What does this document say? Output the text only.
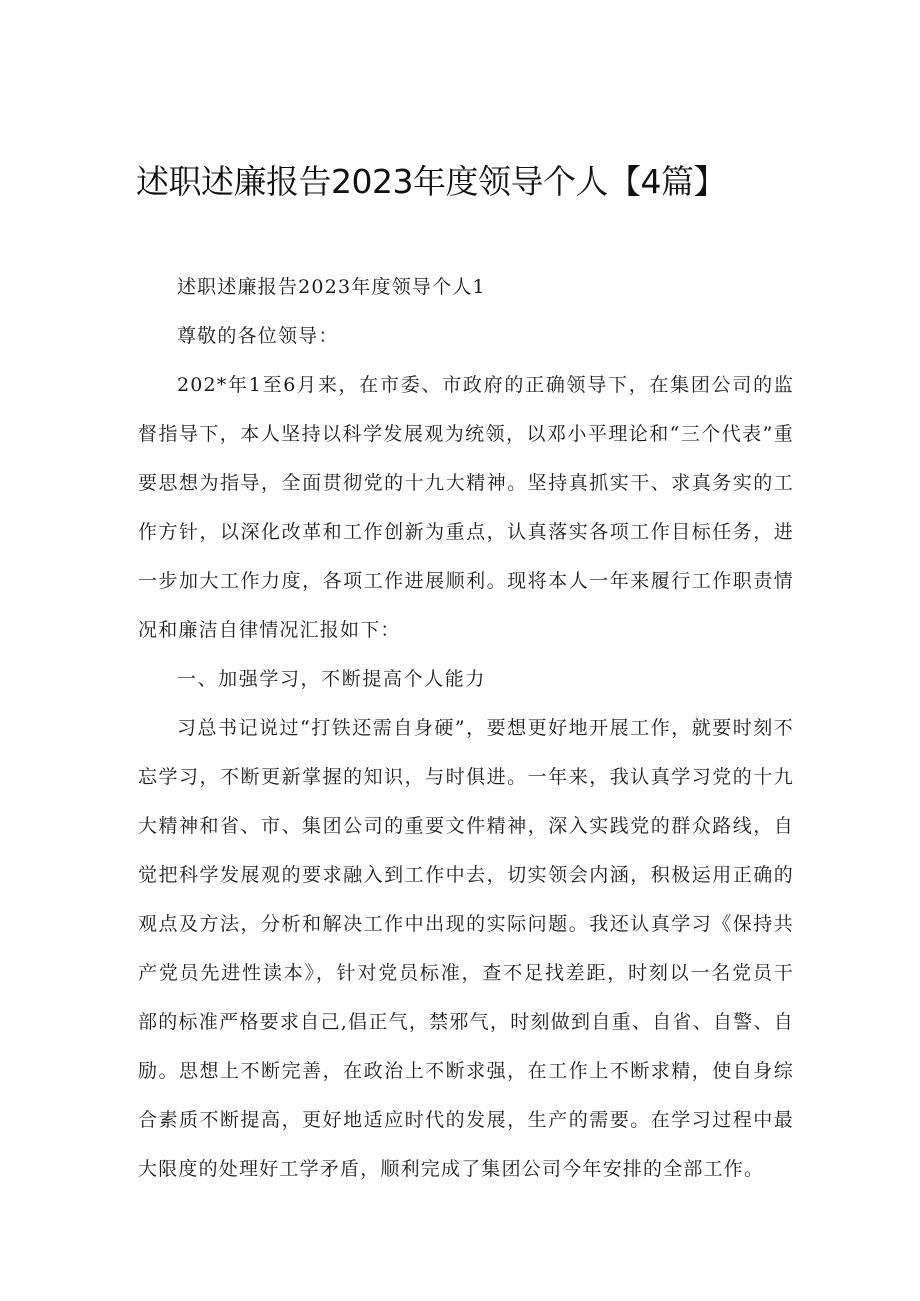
述职述廉报告2023年度领导个人【4篇】

述职述廉报告2023年度领导个人1

尊敬的各位领导：

202*年1至6月来，在市委、市政府的正确领导下，在集团公司的监督指导下，本人坚持以科学发展观为统领，以邓小平理论和“三个代表”重要思想为指导，全面贯彻党的十九大精神。坚持真抓实干、求真务实的工作方针，以深化改革和工作创新为重点，认真落实各项工作目标任务，进一步加大工作力度，各项工作进展顺利。现将本人一年来履行工作职责情况和廉洁自律情况汇报如下：

一、加强学习，不断提高个人能力

习总书记说过“打铁还需自身硬”，要想更好地开展工作，就要时刻不忘学习，不断更新掌握的知识，与时俱进。一年来，我认真学习党的十九大精神和省、市、集团公司的重要文件精神，深入实践党的群众路线，自觉把科学发展观的要求融入到工作中去，切实领会内涵，积极运用正确的观点及方法，分析和解决工作中出现的实际问题。我还认真学习《保持共产党员先进性读本》，针对党员标准，查不足找差距，时刻以一名党员干部的标准严格要求自己,倡正气，禁邪气，时刻做到自重、自省、自警、自励。思想上不断完善，在政治上不断求强，在工作上不断求精，使自身综合素质不断提高，更好地适应时代的发展，生产的需要。在学习过程中最大限度的处理好工学矛盾，顺利完成了集团公司今年安排的全部工作。
